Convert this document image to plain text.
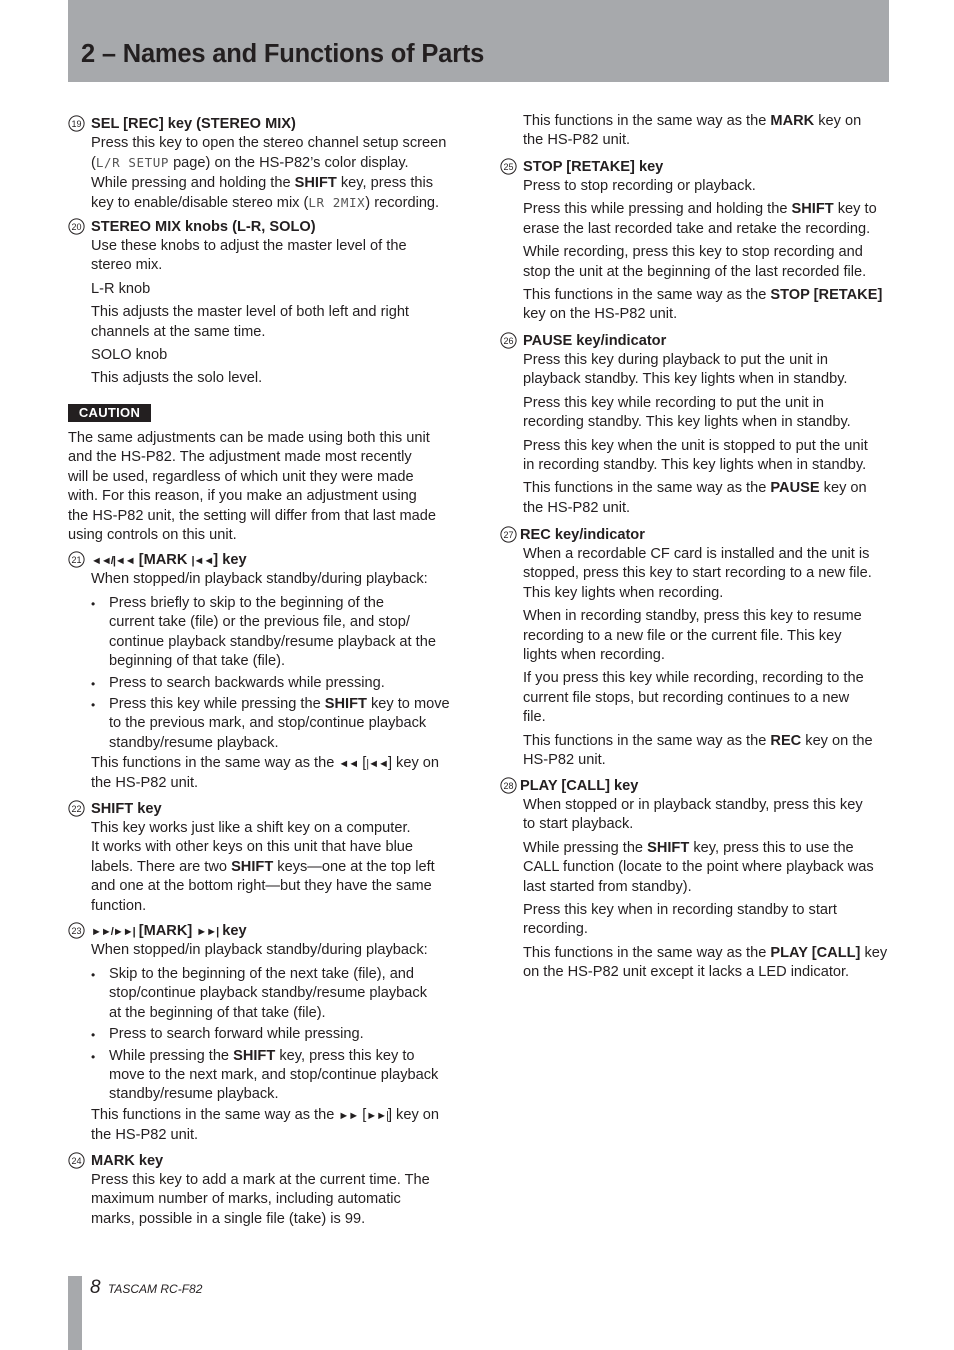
2 – Names and Functions of Parts
19 SEL [REC] key (STEREO MIX)

Press this key to open the stereo channel setup screen

(L/R SETUP page) on the HS-P82’s color display.

While pressing and holding the SHIFT key, press this

key to enable/disable stereo mix (LR 2MIX) recording.

20 STEREO MIX knobs (L-R, SOLO)

Use these knobs to adjust the master level of the

stereo mix.

L-R knob

This adjusts the master level of both left and right

channels at the same time.

SOLO knob

This adjusts the solo level.

CAUTION

The same adjustments can be made using both this unit

and the HS-P82. The adjustment made most recently

will be used, regardless of which unit they were made

with. For this reason, if you make an adjustment using

the HS-P82 unit, the setting will differ from that last made

using controls on this unit.

21 ◄◄/|◄◄ [MARK |◄◄] key
When stopped/in playback standby/during playback:
• Press briefly to skip to the beginning of the
current take (file) or the previous file, and stop/
continue playback standby/resume playback at the
beginning of that take (file).
• Press to search backwards while pressing.
• Press this key while pressing the SHIFT key to move
to the previous mark, and stop/continue playback
standby/resume playback.

This functions in the same way as the ◄◄ [|◄◄] key on

the HS-P82 unit.

22 SHIFT key

This key works just like a shift key on a computer.

It works with other keys on this unit that have blue

labels. There are two SHIFT keys—one at the top left

and one at the bottom right—but they have the same

function.

23 ►►/►►| [MARK] ►►| key
When stopped/in playback standby/during playback:
• Skip to the beginning of the next take (file), and
stop/continue playback standby/resume playback
at the beginning of that take (file).
• Press to search forward while pressing.
• While pressing the SHIFT key, press this key to
move to the next mark, and stop/continue playback
standby/resume playback.

This functions in the same way as the ►► [►►|] key on

the HS-P82 unit.

24 MARK key

Press this key to add a mark at the current time. The

maximum number of marks, including automatic

marks, possible in a single file (take) is 99.

This functions in the same way as the MARK key on

the HS-P82 unit.

25 STOP [RETAKE] key

Press to stop recording or playback.

Press this while pressing and holding the SHIFT key to

erase the last recorded take and retake the recording.

While recording, press this key to stop recording and

stop the unit at the beginning of the last recorded file.

This functions in the same way as the STOP [RETAKE]

key on the HS-P82 unit.

26 PAUSE key/indicator

Press this key during playback to put the unit in

playback standby. This key lights when in standby.

Press this key while recording to put the unit in

recording standby. This key lights when in standby.

Press this key when the unit is stopped to put the unit

in recording standby. This key lights when in standby.

This functions in the same way as the PAUSE key on

the HS-P82 unit.

27 REC key/indicator

When a recordable CF card is installed and the unit is

stopped, press this key to start recording to a new file.

This key lights when recording.

When in recording standby, press this key to resume

recording to a new file or the current file. This key

lights when recording.

If you press this key while recording, recording to the

current file stops, but recording continues to a new

file.

This functions in the same way as the REC key on the

HS-P82 unit.

28 PLAY [CALL] key

When stopped or in playback standby, press this key

to start playback.

While pressing the SHIFT key, press this to use the

CALL function (locate to the point where playback was

last started from standby).

Press this key when in recording standby to start

recording.

This functions in the same way as the PLAY [CALL] key

on the HS-P82 unit except it lacks a LED indicator.

8 TASCAM RC-F82
